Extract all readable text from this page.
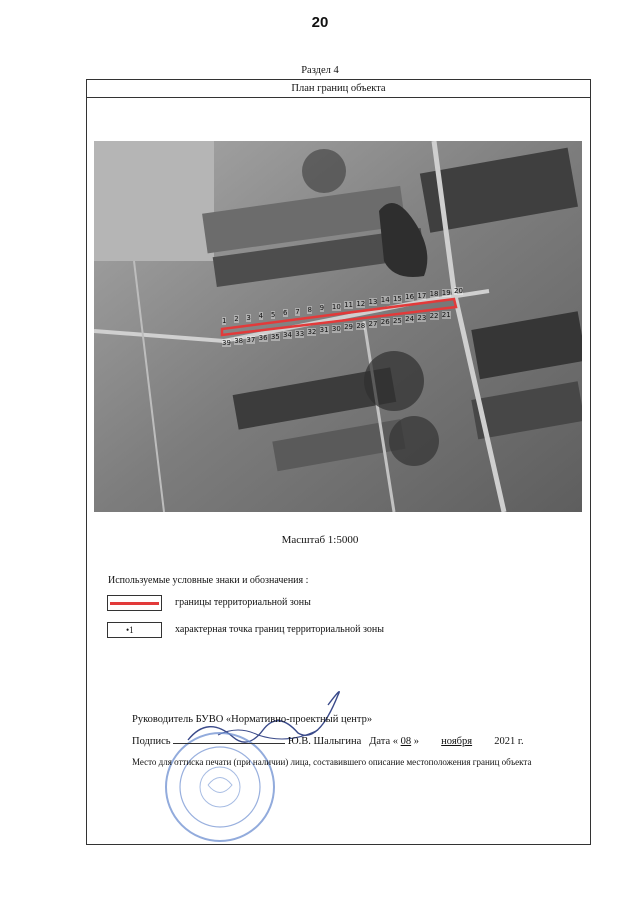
20
Раздел 4
План границ объекта
1 2 3 4 5 6 7 8 9 10 11 12 13 14 15 16 17 18 19 20
21
22
23
24
25
26
27
28
29
30
31
32
33
34
35
36
37
38
39
Масштаб 1:5000
Используемые условные знаки и обозначения :
границы территориальной зоны
•1	характерная точка границ территориальной зоны
Руководитель БУВО «Нормативно-проектный центр»
Подпись	Ю.В. Шалыгина Дата « 08 » ноября 2021 г.
Место для оттиска печати (при наличии) лица, составившего описание местоположения границ объекта
